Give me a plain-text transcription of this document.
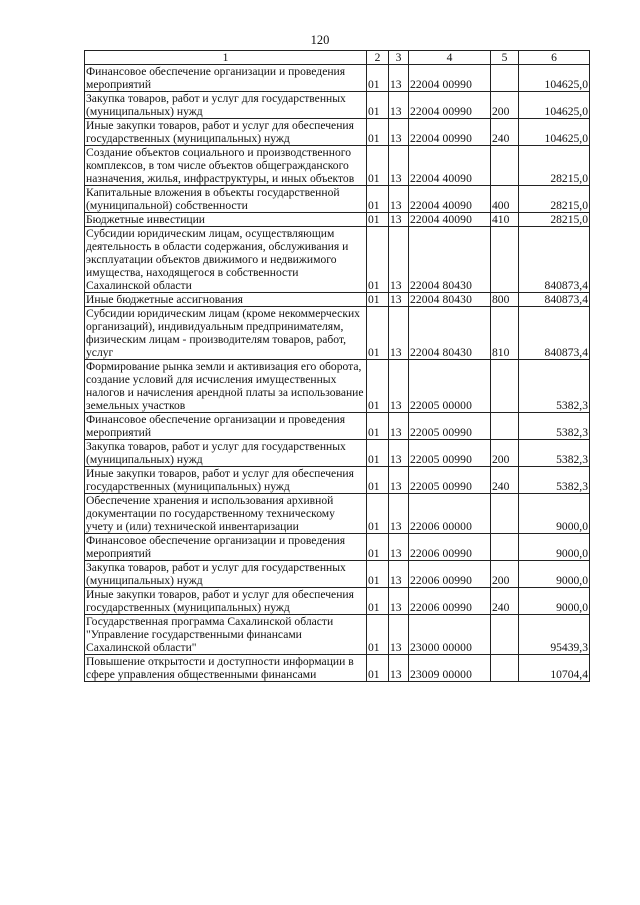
120
1	2	3	4	5	6
Финансовое обеспечение организации и проведения мероприятий	01	13	22004 00990		104625,0
Закупка товаров, работ и услуг для государственных (муниципальных) нужд	01	13	22004 00990	200	104625,0
Иные закупки товаров, работ и услуг для обеспечения государственных (муниципальных) нужд	01	13	22004 00990	240	104625,0
Создание объектов социального и производственного комплексов, в том числе объектов общегражданского назначения, жилья, инфраструктуры, и иных объектов	01	13	22004 40090		28215,0
Капитальные вложения в объекты государственной (муниципальной) собственности	01	13	22004 40090	400	28215,0
Бюджетные инвестиции	01	13	22004 40090	410	28215,0
Субсидии юридическим лицам, осуществляющим деятельность в области содержания, обслуживания и эксплуатации объектов движимого и недвижимого имущества, находящегося в собственности Сахалинской области	01	13	22004 80430		840873,4
Иные бюджетные ассигнования	01	13	22004 80430	800	840873,4
Субсидии юридическим лицам (кроме некоммерческих организаций), индивидуальным предпринимателям, физическим лицам - производителям товаров, работ, услуг	01	13	22004 80430	810	840873,4
Формирование рынка земли и активизация его оборота, создание условий для исчисления имущественных налогов и начисления арендной платы за использование земельных участков	01	13	22005 00000		5382,3
Финансовое обеспечение организации и проведения мероприятий	01	13	22005 00990		5382,3
Закупка товаров, работ и услуг для государственных (муниципальных) нужд	01	13	22005 00990	200	5382,3
Иные закупки товаров, работ и услуг для обеспечения государственных (муниципальных) нужд	01	13	22005 00990	240	5382,3
Обеспечение хранения и использования архивной документации по государственному техническому учету и (или) технической инвентаризации	01	13	22006 00000		9000,0
Финансовое обеспечение организации и проведения мероприятий	01	13	22006 00990		9000,0
Закупка товаров, работ и услуг для государственных (муниципальных) нужд	01	13	22006 00990	200	9000,0
Иные закупки товаров, работ и услуг для обеспечения государственных (муниципальных) нужд	01	13	22006 00990	240	9000,0
Государственная программа Сахалинской области "Управление государственными финансами Сахалинской области"	01	13	23000 00000		95439,3
Повышение открытости и доступности информации в сфере управления общественными финансами	01	13	23009 00000		10704,4
